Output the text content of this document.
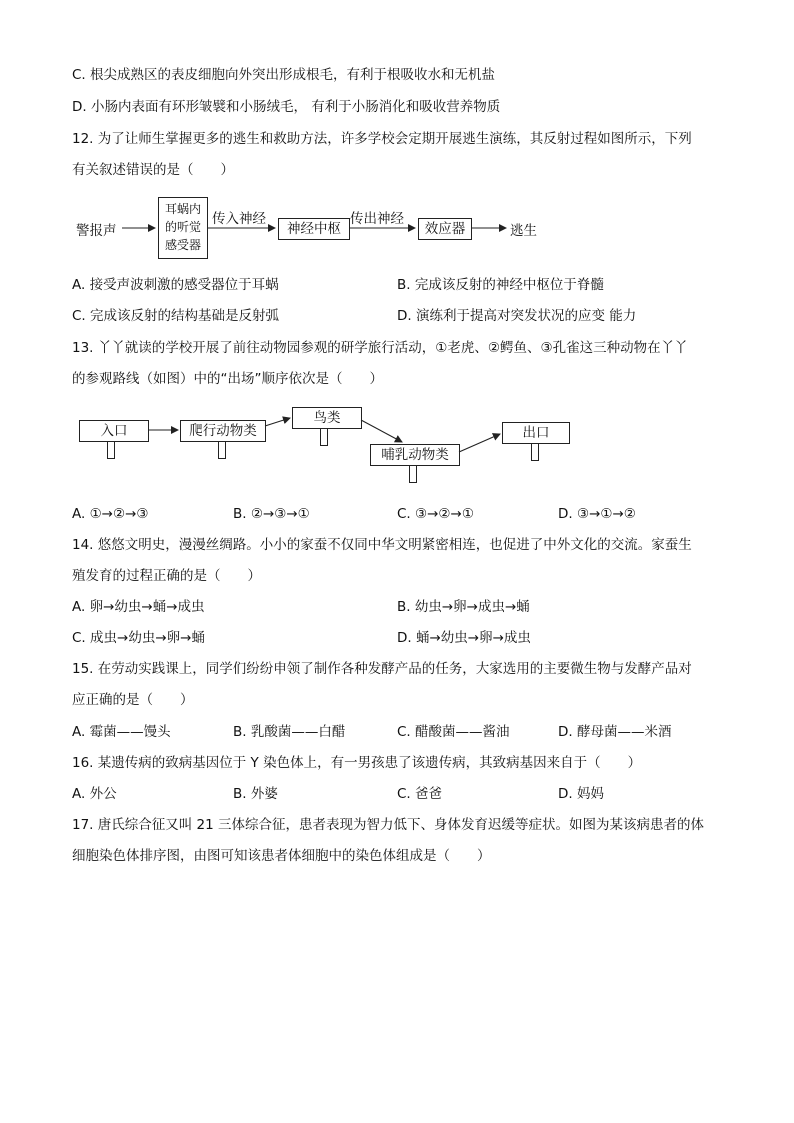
C. 根尖成熟区的表皮细胞向外突出形成根毛，有利于根吸收水和无机盐
D. 小肠内表面有环形皱襞和小肠绒毛， 有利于小肠消化和吸收营养物质
12. 为了让师生掌握更多的逃生和救助方法，许多学校会定期开展逃生演练，其反射过程如图所示，下列
有关叙述错误的是（　　）
警报声
耳蜗内
的听觉
感受器
传入神经
神经中枢
传出神经
效应器	逃生
A. 接受声波刺激的感受器位于耳蜗	B. 完成该反射的神经中枢位于脊髓
C. 完成该反射的结构基础是反射弧	D. 演练利于提高对突发状况的应变 能力
13. 丫丫就读的学校开展了前往动物园参观的研学旅行活动，①老虎、②鳄鱼、③孔雀这三种动物在丫丫
的参观路线（如图）中的“出场”顺序依次是（　　）
入口	爬行动物类
鸟类
哺乳动物类
出口
A. ①→②→③	B. ②→③→①	C. ③→②→①	D. ③→①→②
14. 悠悠文明史，漫漫丝绸路。小小的家蚕不仅同中华文明紧密相连，也促进了中外文化的交流。家蚕生
殖发育的过程正确的是（　　）
A. 卵→幼虫→蛹→成虫	B. 幼虫→卵→成虫→蛹
C. 成虫→幼虫→卵→蛹	D. 蛹→幼虫→卵→成虫
15. 在劳动实践课上，同学们纷纷申领了制作各种发酵产品的任务，大家选用的主要微生物与发酵产品对
应正确的是（　　）
A. 霉菌——馒头	B. 乳酸菌——白醋	C. 醋酸菌——酱油	D. 酵母菌——米酒
16. 某遗传病的致病基因位于 Y 染色体上，有一男孩患了该遗传病，其致病基因来自于（　　）
A. 外公	B. 外婆	C. 爸爸	D. 妈妈
17. 唐氏综合征又叫 21 三体综合征，患者表现为智力低下、身体发育迟缓等症状。如图为某该病患者的体
细胞染色体排序图，由图可知该患者体细胞中的染色体组成是（　　）
